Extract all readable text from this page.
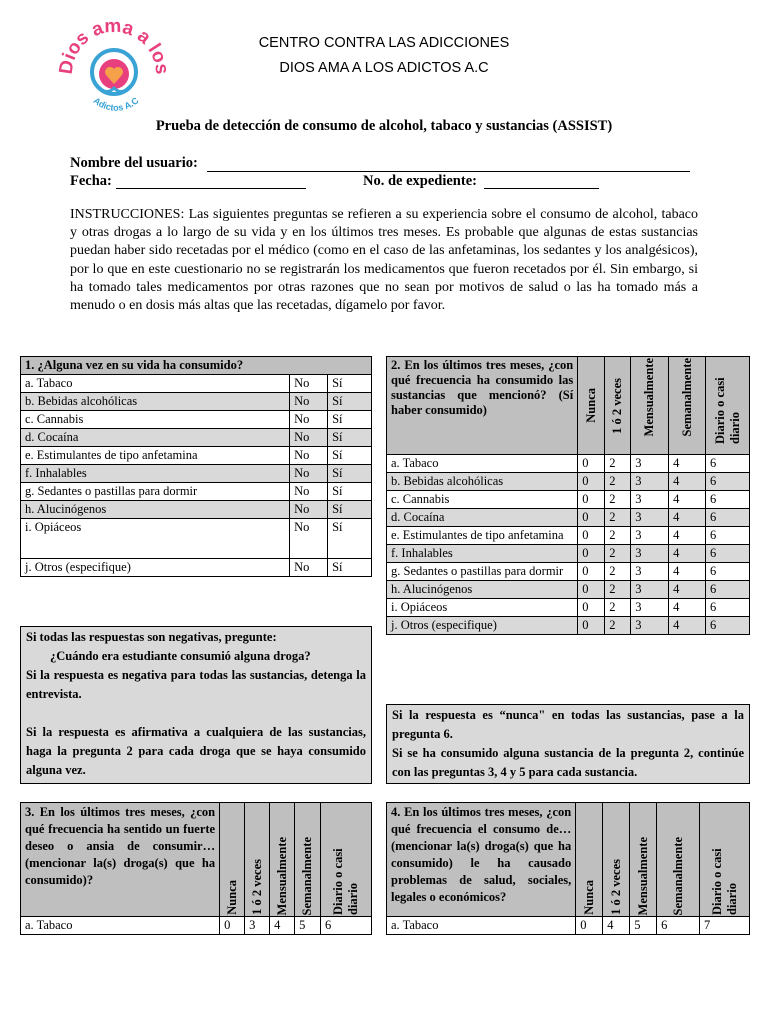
ios ama a lo
Adictos A.C
CENTRO CONTRA LAS ADICCIONES
DIOS AMA A LOS ADICTOS A.C
Prueba de detección de consumo de alcohol, tabaco y sustancias (ASSIST)
Nombre del usuario:
Fecha:	No. de expediente:
INSTRUCCIONES: Las siguientes preguntas se refieren a su experiencia sobre el consumo de alcohol, tabaco y otras drogas a lo largo de su vida y en los últimos tres meses. Es probable que algunas de estas sustancias puedan haber sido recetadas por el médico (como en el caso de las anfetaminas, los sedantes y los analgésicos), por lo que en este cuestionario no se registrarán los medicamentos que fueron recetados por él. Sin embargo, si ha tomado tales medicamentos por otras razones que no sean por motivos de salud o las ha tomado más a menudo o en dosis más altas que las recetadas, dígamelo por favor.
1. ¿Alguna vez en su vida ha consumido?		
a. Tabaco	No	Sí
b. Bebidas alcohólicas	No	Sí
c. Cannabis	No	Sí
d. Cocaína	No	Sí
e. Estimulantes de tipo anfetamina	No	Sí
f. Inhalables	No	Sí
g. Sedantes o pastillas para dormir	No	Sí
h. Alucinógenos	No	Sí
i. Opiáceos	No	Sí
j. Otros (especifique)	No	Sí
2. En los últimos tres meses, ¿con qué frecuencia ha consumido las sustancias que mencionó? (Sí haber consumido)	Nunca	1 ó 2 veces	Mensualmente	Semanalmente	Diario o casi diario

a. Tabaco	0	2	3	4	6
b. Bebidas alcohólicas	0	2	3	4	6
c. Cannabis	0	2	3	4	6
d. Cocaína	0	2	3	4	6
e. Estimulantes de tipo anfetamina	0	2	3	4	6
f. Inhalables	0	2	3	4	6
g. Sedantes o pastillas para dormir	0	2	3	4	6
h. Alucinógenos	0	2	3	4	6
i. Opiáceos	0	2	3	4	6
j. Otros (especifique)	0	2	3	4	6
Si todas las respuestas son negativas, pregunte:
¿Cuándo era estudiante consumió alguna droga?
Si la respuesta es negativa para todas las sustancias, detenga la entrevista.
Si la respuesta es afirmativa a cualquiera de las sustancias, haga la pregunta 2 para cada droga que se haya consumido alguna vez.
Si la respuesta es “nunca" en todas las sustancias, pase a la pregunta 6.
Si se ha consumido alguna sustancia de la pregunta 2, continúe con las preguntas 3, 4 y 5 para cada sustancia.
3. En los últimos tres meses, ¿con qué frecuencia ha sentido un fuerte deseo o ansia de consumir… (mencionar la(s) droga(s) que ha consumido)?	Nunca	1 ó 2 veces	Mensualmente	Semanalmente	Diario o casi diario

a. Tabaco	0	3	4	5	6
4. En los últimos tres meses, ¿con qué frecuencia el consumo de… (mencionar la(s) droga(s) que ha consumido) le ha causado problemas de salud, sociales, legales o económicos?	Nunca	1 ó 2 veces	Mensualmente	Semanalmente	Diario o casi diario

a. Tabaco	0	4	5	6	7
